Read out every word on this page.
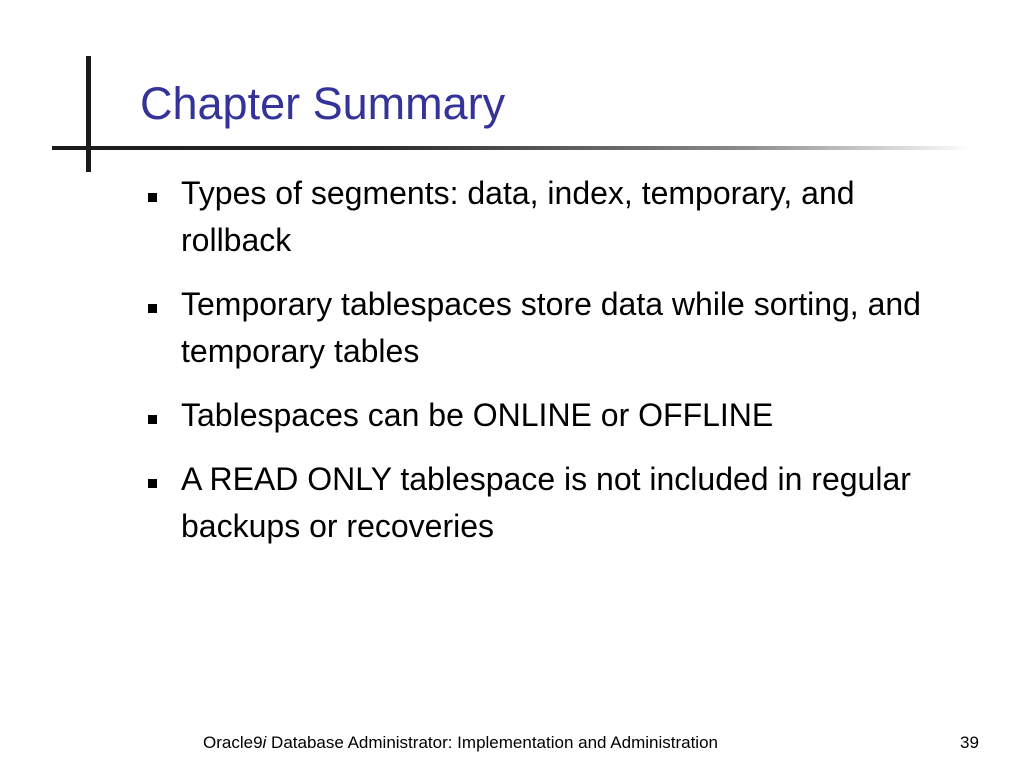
Chapter Summary
Types of segments: data, index, temporary, and rollback
Temporary tablespaces store data while sorting, and temporary tables
Tablespaces can be ONLINE or OFFLINE
A READ ONLY tablespace is not included in regular backups or recoveries
Oracle9i Database Administrator: Implementation and Administration	39
